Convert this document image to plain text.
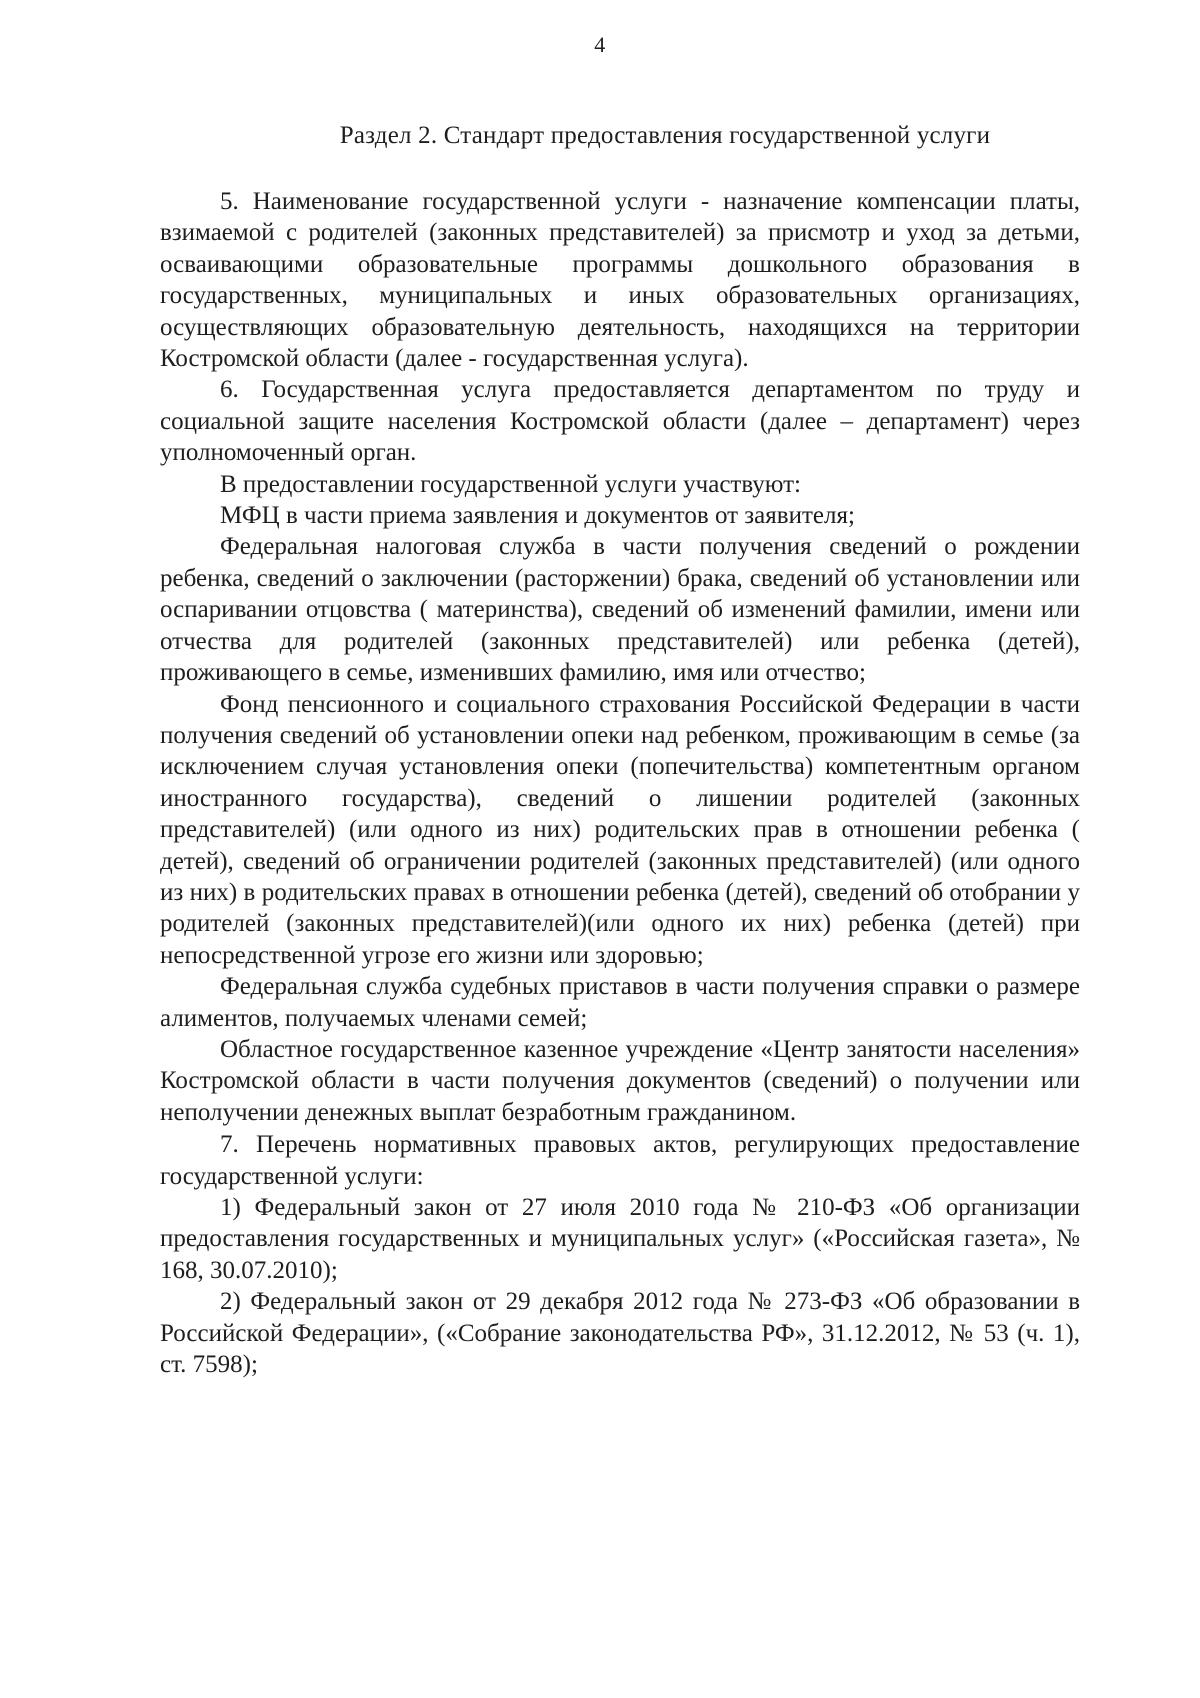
4
Раздел 2. Стандарт предоставления государственной услуги

5. Наименование государственной услуги - назначение компенсации платы, взимаемой с родителей (законных представителей) за присмотр и уход за детьми, осваивающими образовательные программы дошкольного образования в государственных, муниципальных и иных образовательных организациях, осуществляющих образовательную деятельность, находящихся на территории Костромской области (далее - государственная услуга).

6. Государственная услуга предоставляется департаментом по труду и социальной защите населения Костромской области (далее – департамент) через уполномоченный орган.

В предоставлении государственной услуги участвуют:

МФЦ в части приема заявления и документов от заявителя;

Федеральная налоговая служба в части получения сведений о рождении ребенка, сведений о заключении (расторжении) брака, сведений об установлении или оспаривании отцовства ( материнства), сведений об изменений фамилии, имени или отчества для родителей (законных представителей) или ребенка (детей), проживающего в семье, изменивших фамилию, имя или отчество;

Фонд пенсионного и социального страхования Российской Федерации в части получения сведений об установлении опеки над ребенком, проживающим в семье (за исключением случая установления опеки (попечительства) компетентным органом иностранного государства), сведений о лишении родителей (законных представителей) (или одного из них) родительских прав в отношении ребенка ( детей), сведений об ограничении родителей (законных представителей) (или одного из них) в родительских правах в отношении ребенка (детей), сведений об отобрании у родителей (законных представителей)(или одного их них) ребенка (детей) при непосредственной угрозе его жизни или здоровью;

Федеральная служба судебных приставов в части получения справки о размере алиментов, получаемых членами семей;

Областное государственное казенное учреждение «Центр занятости населения» Костромской области в части получения документов (сведений) о получении или неполучении денежных выплат безработным гражданином.

7. Перечень нормативных правовых актов, регулирующих предоставление государственной услуги:

1) Федеральный закон от 27 июля 2010 года № 210-ФЗ «Об организации предоставления государственных и муниципальных услуг» («Российская газета», № 168, 30.07.2010);

2) Федеральный закон от 29 декабря 2012 года № 273-ФЗ «Об образовании в Российской Федерации», («Собрание законодательства РФ», 31.12.2012, № 53 (ч. 1), ст. 7598);
